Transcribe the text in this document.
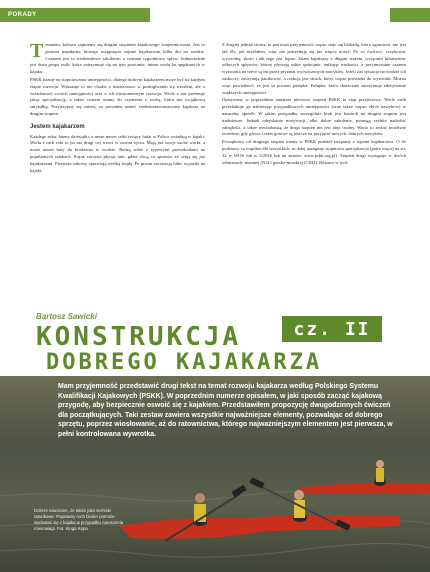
PORADY

Tematem, którym zajmiemy się drugim stopniem kajakowego wtajemniczenia. Jest to poziom popularny, którego osiągnięcie zajmie kajakarzom kilka dni na wodzie. Czasami jest to weekendowe szkolenie, a czasami tygodniowy spływ. Jednocześnie jest duża grupa osób, które zatrzymuje się na tym poziomie, mimo wielu lat spędzonych w kajaku.

PSKK bazuje na stopniowaniu umiejętności, dlatego dobrym kajakarzem może być na każdym etapie rozwoju. Wskazuje to nie chodzi o mistrzostwo w posługiwaniu się wiosłem, ale o świadomość swoich umiejętności oraz o ich równomiernym rozwoju. Wiele z nas preferuje jakąś specjalizację, a także czasem mamy do czynienia z osobą, która ma wyjątkową smykałkę. Przyjrzyjmy się zatem, co powinien umieć średniozaawansowany kajakarz na drugim stopniu.

Jestem kajakarzem

Każdego roku, latem, dziesiątki, a może nawet setki tysięcy ludzi w Polsce wsiadają w kajaki. Wielu z nich robi to po raz drugi czy trzeci w swoim życiu. Mają już swoje suche worki, a może nawet buty do brodzenia w wodzie. Radzą sobie z typowymi przeszkodami na popularnych szlakach. Kajak zaczyna płynąć tam, gdzie chcą, co sprawia, że czują się już kajakarzami. Pierwsze sukcesy sprawiają wielką frajdę. Po prostu zaczynają lubić wyjazdy na kajaki.

Z drugiej jednak strony, ta pierwsza przyjemność często staje się blokadą, która ogranicza: nie jest tak źle, jak myślałem, więc nie potrzebuję się już więcej uczyć. Po co ćwiczyć, ryzykować wywrotkę, skoro i tak tego jest fajnie. Znam kajakarzy z długim stażem, tysiącami kilometrów odbytych spływów, którzy pływają sobie spokojnie, unikając trudności, a przyjmowane czasem wyzwania na rzece są im przez pryzmat wyćwiczonych nawyków. Jeżeli zaś sytuacja na wodzie ich zaskoczy, zaczynają panikować, a reakcją jest strach, który często prowadzi do wywrotki. Można więc powiedzieć, że jest to poziom pułapka. Pułapka, która skutecznie zatrzymuje zdobywanie większych umiejętności.

Opisywany w poprzednim numerze pierwszy stopień PSKK to etap przejściowy. Wiele osób przeskakuje go nabierając przypadkowych umiejętności (oraz także często złych nawyków) w naturalny sposób. W takim przypadku szczególnie brak jest kontroli na drugim stopniu jest trudniejsze. Jednak odzyskanie motywacji, albo dobre szkolenie, pomogą szybko nadrobić zaległości, a także uświadomią, że drugi stopień nie jest zbyt trudny. Warto to zrobić możliwie wcześnie, gdy głowa i ciało gotowe są jeszcze na przyjęcie nowych, dobrych nawyków.

Początkowy od drugiego stopnia mamy w PSKK podział związany z typami kajakarstwa. O ile podstawy są wspólne dla wszystkich, to dalej następuje stopniowa specjalizacja (patrz więcej na str. 32 w WOS lub w 3/2016 lub na stronie: www.pskk.org.pl). Stopień drugi występuje w dwóch odmianach: nizinnej (N2) i górsko-morskiej (GM2). Różnice w tych

Bartosz Sawicki
KONSTRUKCJA	cz. II
DOBREGO KAJAKARZA
Mam przyjemność przedstawić drugi tekst na temat rozwoju kajakarza według Polskiego Systemu Kwalifikacji Kajakowych (PSKK). W poprzednim numerze opisałem, w jaki sposób zacząć kajakową przygodę, aby bezpiecznie oswoić się z kajakiem. Przedstawiłem propozycję dwugodzinnych ćwiczeń dla początkujących. Taki zestaw zawiera wszystkie najważniejsze elementy, pozwalając od dobrego sprzętu, poprzez wiosłowanie, aż do ratownictwa, którego najważniejszym elementem jest pierwsza, w pełni kontrolowana wywrotka.
Dobrze nauczone, że także jako techniki ratunkowe. Poprawny ruch bioder pomoże wydostać się z kajaka w przypadku naruszenia równowagi. Fot. Kinga Kępa
